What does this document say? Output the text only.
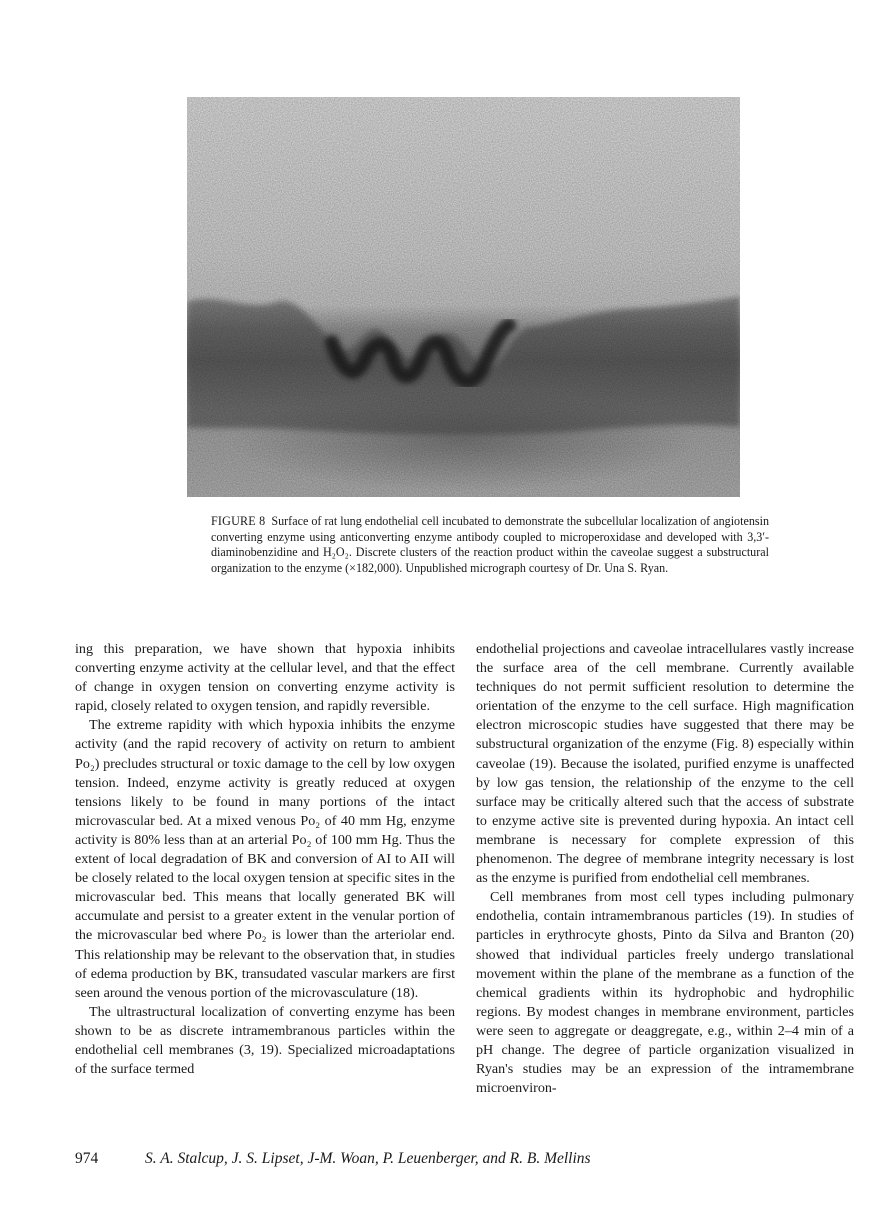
FIGURE 8 Surface of rat lung endothelial cell incubated to demonstrate the subcellular localization of angiotensin converting enzyme using anticonverting enzyme antibody coupled to microperoxidase and developed with 3,3′-diaminobenzidine and H₂O₂. Discrete clusters of the reaction product within the caveolae suggest a substructural organization to the enzyme (×182,000). Unpublished micrograph courtesy of Dr. Una S. Ryan.

ing this preparation, we have shown that hypoxia inhibits converting enzyme activity at the cellular level, and that the effect of change in oxygen tension on converting enzyme activity is rapid, closely related to oxygen tension, and rapidly reversible.

The extreme rapidity with which hypoxia inhibits the enzyme activity (and the rapid recovery of activity on return to ambient Po₂) precludes structural or toxic damage to the cell by low oxygen tension. Indeed, enzyme activity is greatly reduced at oxygen tensions likely to be found in many portions of the intact microvascular bed. At a mixed venous Po₂ of 40 mm Hg, enzyme activity is 80% less than at an arterial Po₂ of 100 mm Hg. Thus the extent of local degradation of BK and conversion of AI to AII will be closely related to the local oxygen tension at specific sites in the microvascular bed. This means that locally generated BK will accumulate and persist to a greater extent in the venular portion of the microvascular bed where Po₂ is lower than the arteriolar end. This relationship may be relevant to the observation that, in studies of edema production by BK, transudated vascular markers are first seen around the venous portion of the microvasculature (18).

The ultrastructural localization of converting enzyme has been shown to be as discrete intramembranous particles within the endothelial cell membranes (3, 19). Specialized microadaptations of the surface termed

endothelial projections and caveolae intracellulares vastly increase the surface area of the cell membrane. Currently available techniques do not permit sufficient resolution to determine the orientation of the enzyme to the cell surface. High magnification electron microscopic studies have suggested that there may be substructural organization of the enzyme (Fig. 8) especially within caveolae (19). Because the isolated, purified enzyme is unaffected by low gas tension, the relationship of the enzyme to the cell surface may be critically altered such that the access of substrate to enzyme active site is prevented during hypoxia. An intact cell membrane is necessary for complete expression of this phenomenon. The degree of membrane integrity necessary is lost as the enzyme is purified from endothelial cell membranes.

Cell membranes from most cell types including pulmonary endothelia, contain intramembranous particles (19). In studies of particles in erythrocyte ghosts, Pinto da Silva and Branton (20) showed that individual particles freely undergo translational movement within the plane of the membrane as a function of the chemical gradients within its hydrophobic and hydrophilic regions. By modest changes in membrane environment, particles were seen to aggregate or deaggregate, e.g., within 2–4 min of a pH change. The degree of particle organization visualized in Ryan's studies may be an expression of the intramembrane microenviron-

974	S. A. Stalcup, J. S. Lipset, J-M. Woan, P. Leuenberger, and R. B. Mellins
